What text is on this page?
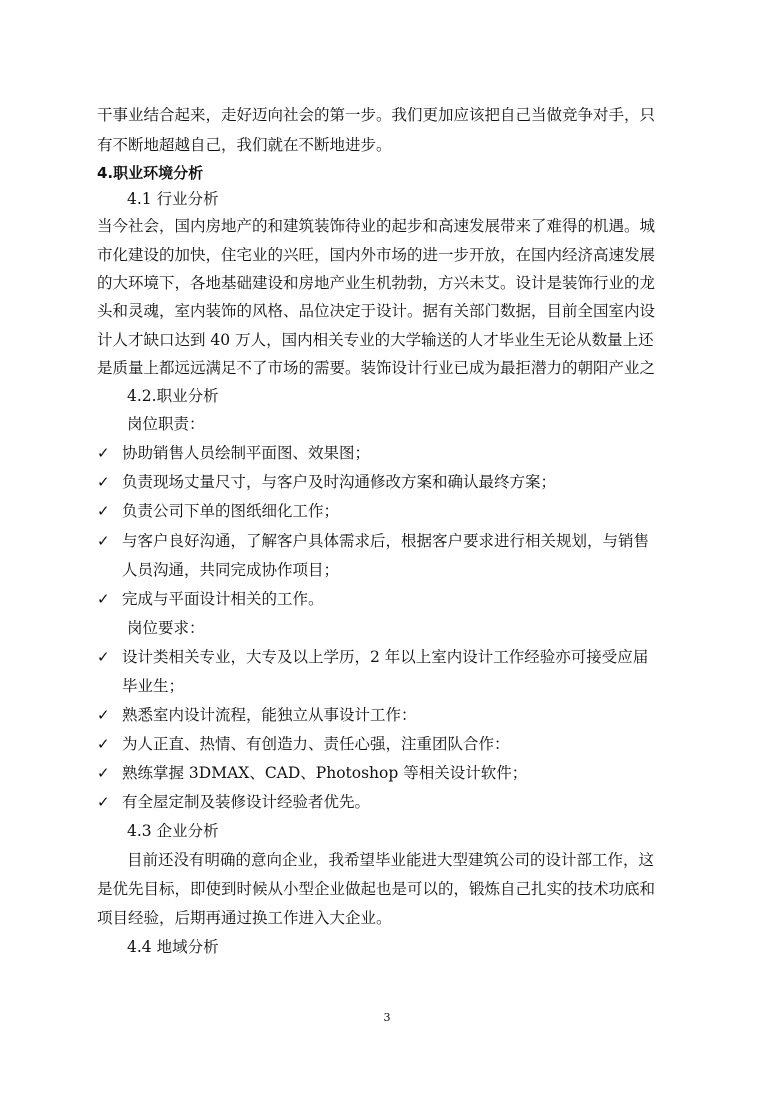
干事业结合起来，走好迈向社会的第一步。我们更加应该把自己当做竞争对手，只
有不断地超越自己，我们就在不断地进步。
4.职业环境分析
4.1 行业分析
当今社会，国内房地产的和建筑装饰待业的起步和高速发展带来了难得的机遇。城
市化建设的加快，住宅业的兴旺，国内外市场的进一步开放，在国内经济高速发展
的大环境下，各地基础建设和房地产业生机勃勃，方兴未艾。设计是装饰行业的龙
头和灵魂，室内装饰的风格、品位决定于设计。据有关部门数据，目前全国室内设
计人才缺口达到 40 万人，国内相关专业的大学输送的人才毕业生无论从数量上还
是质量上都远远满足不了市场的需要。装饰设计行业已成为最拒潜力的朝阳产业之
4.2.职业分析
岗位职责：
✓ 协助销售人员绘制平面图、效果图；
✓ 负责现场丈量尺寸，与客户及时沟通修改方案和确认最终方案；
✓ 负责公司下单的图纸细化工作；
✓ 与客户良好沟通，了解客户具体需求后，根据客户要求进行相关规划，与销售
人员沟通，共同完成协作项目；
✓ 完成与平面设计相关的工作。
岗位要求：
✓ 设计类相关专业，大专及以上学历，2 年以上室内设计工作经验亦可接受应届
毕业生；
✓ 熟悉室内设计流程，能独立从事设计工作：
✓ 为人正直、热情、有创造力、责任心强，注重团队合作：
✓ 熟练掌握 3DMAX、CAD、Photoshop 等相关设计软件；
✓ 有全屋定制及装修设计经验者优先。
4.3 企业分析
目前还没有明确的意向企业，我希望毕业能进大型建筑公司的设计部工作，这
是优先目标，即使到时候从小型企业做起也是可以的，锻炼自己扎实的技术功底和
项目经验，后期再通过换工作进入大企业。
4.4 地域分析
3
